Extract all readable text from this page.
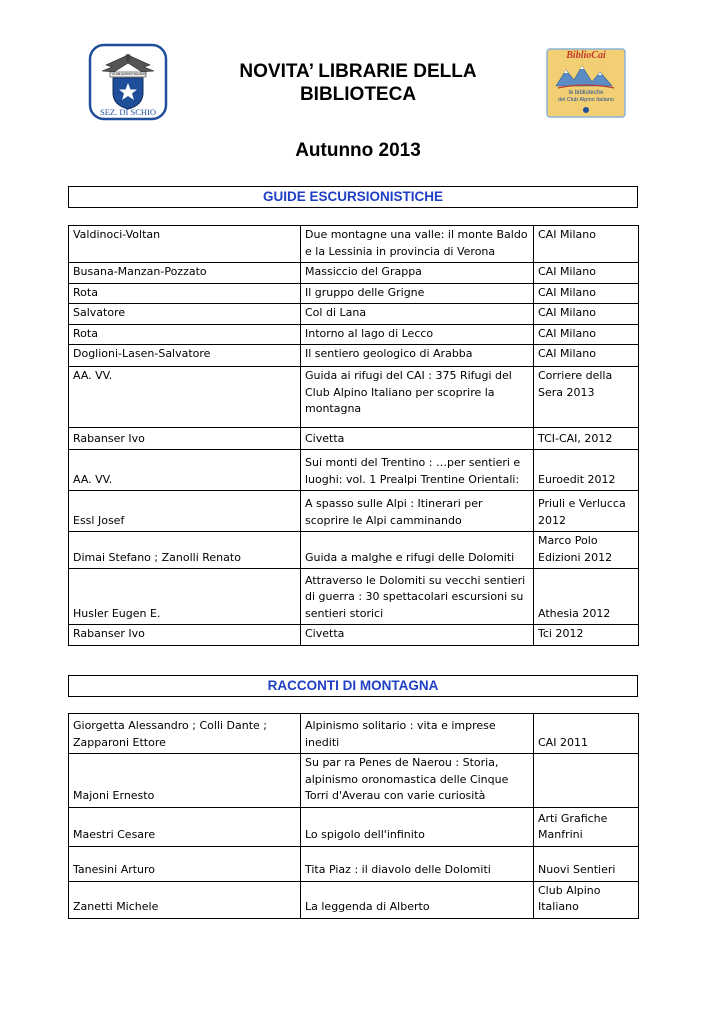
CLUB ALPINO ITALIANO
SEZ. DI SCHIO
BiblioCai
le biblioteche
del Club Alpino Italiano
NOVITA’ LIBRARIE DELLA
BIBLIOTECA
Autunno 2013
GUIDE ESCURSIONISTICHE
Valdinoci-Voltan	Due montagne una valle: il monte Baldo e la Lessinia in provincia di Verona	CAI Milano
Busana-Manzan-Pozzato	Massiccio del Grappa	CAI Milano
Rota	Il gruppo delle Grigne	CAI Milano
Salvatore	Col di Lana	CAI Milano
Rota	Intorno al lago di Lecco	CAI Milano
Doglioni-Lasen-Salvatore	Il sentiero geologico di Arabba	CAI Milano
AA. VV.	Guida ai rifugi del CAI : 375 Rifugi del Club Alpino Italiano per scoprire la montagna	Corriere della Sera 2013
Rabanser Ivo	Civetta	TCI-CAI, 2012
AA. VV.	Sui monti del Trentino : …per sentieri e luoghi: vol. 1 Prealpi Trentine Orientali:	Euroedit 2012
Essl Josef	A spasso sulle Alpi : Itinerari per scoprire le Alpi camminando	Priuli e Verlucca 2012
Dimai Stefano ; Zanolli Renato	Guida a malghe e rifugi delle Dolomiti	Marco Polo Edizioni 2012
Husler Eugen E.	Attraverso le Dolomiti su vecchi sentieri di guerra : 30 spettacolari escursioni su sentieri storici	Athesia 2012
Rabanser Ivo	Civetta	Tci 2012
RACCONTI DI MONTAGNA
Giorgetta Alessandro ; Colli Dante ; Zapparoni Ettore	Alpinismo solitario : vita e imprese inediti	CAI 2011
Majoni Ernesto	Su par ra Penes de Naerou : Storia, alpinismo oronomastica delle Cinque Torri d'Averau con varie curiosità	
Maestri Cesare	Lo spigolo dell'infinito	Arti Grafiche Manfrini
Tanesini Arturo	Tita Piaz : il diavolo delle Dolomiti	Nuovi Sentieri
Zanetti Michele	La leggenda di Alberto	Club Alpino Italiano
